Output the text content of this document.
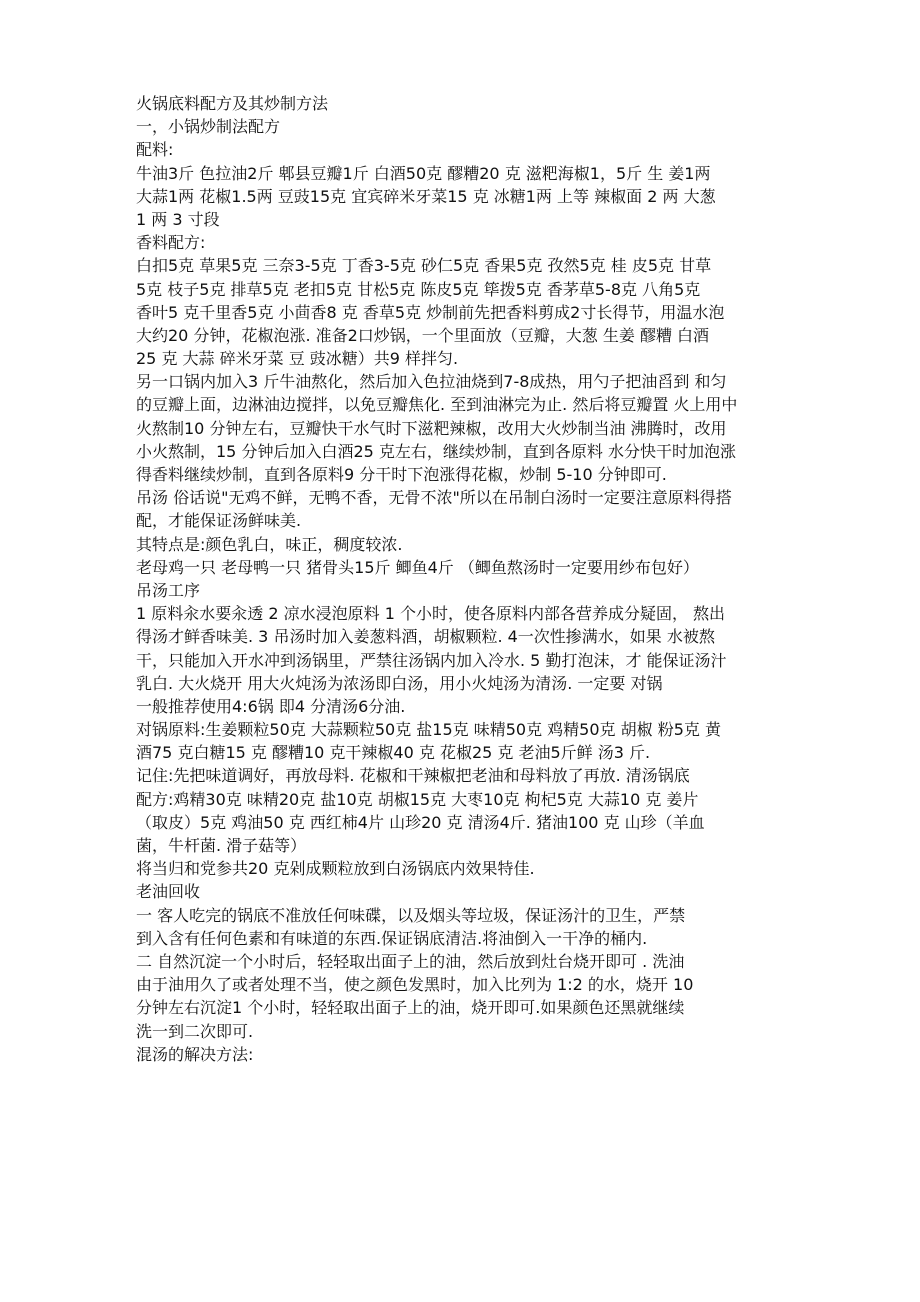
火锅底料配方及其炒制方法
一，小锅炒制法配方
配料:
牛油3斤 色拉油2斤 郫县豆瓣1斤 白酒50克 醪糟20 克 滋粑海椒1，5斤 生 姜1两
大蒜1两 花椒1.5两 豆豉15克 宜宾碎米牙菜15 克 冰糖1两 上等 辣椒面 2 两 大葱
1 两 3 寸段
香料配方:
白扣5克 草果5克 三奈3-5克 丁香3-5克 砂仁5克 香果5克 孜然5克 桂 皮5克 甘草
5克 枝子5克 排草5克 老扣5克 甘松5克 陈皮5克 筚拨5克 香茅草5-8克 八角5克
香叶5 克千里香5克 小茴香8 克 香草5克 炒制前先把香料剪成2寸长得节，用温水泡
大约20 分钟，花椒泡涨. 准备2口炒锅，一个里面放（豆瓣，大葱 生姜 醪糟 白酒
25 克 大蒜 碎米牙菜 豆 豉冰糖）共9 样拌匀.
另一口锅内加入3 斤牛油熬化，然后加入色拉油烧到7-8成热，用勺子把油舀到 和匀
的豆瓣上面，边淋油边搅拌，以免豆瓣焦化. 至到油淋完为止. 然后将豆瓣置 火上用中
火熬制10 分钟左右，豆瓣快干水气时下滋粑辣椒，改用大火炒制当油 沸腾时，改用
小火熬制，15 分钟后加入白酒25 克左右，继续炒制，直到各原料 水分快干时加泡涨
得香料继续炒制，直到各原料9 分干时下泡涨得花椒，炒制 5-10 分钟即可.
吊汤 俗话说"无鸡不鲜，无鸭不香，无骨不浓"所以在吊制白汤时一定要注意原料得搭
配，才能保证汤鲜味美.
其特点是:颜色乳白，味正，稠度较浓.
老母鸡一只 老母鸭一只 猪骨头15斤 鲫鱼4斤 （鲫鱼熬汤时一定要用纱布包好）
吊汤工序
1 原料汆水要汆透 2 凉水浸泡原料 1 个小时，使各原料内部各营养成分疑固， 熬出
得汤才鲜香味美. 3 吊汤时加入姜葱料酒，胡椒颗粒. 4一次性掺满水，如果 水被熬
干，只能加入开水冲到汤锅里，严禁往汤锅内加入冷水. 5 勤打泡沫，才 能保证汤汁
乳白. 大火烧开 用大火炖汤为浓汤即白汤，用小火炖汤为清汤. 一定要 对锅
一般推荐使用4:6锅 即4 分清汤6分油.
对锅原料:生姜颗粒50克 大蒜颗粒50克 盐15克 味精50克 鸡精50克 胡椒 粉5克 黄
酒75 克白糖15 克 醪糟10 克干辣椒40 克 花椒25 克 老油5斤鲜 汤3 斤.
记住:先把味道调好，再放母料. 花椒和干辣椒把老油和母料放了再放. 清汤锅底
配方:鸡精30克 味精20克 盐10克 胡椒15克 大枣10克 枸杞5克 大蒜10 克 姜片
（取皮）5克 鸡油50 克 西红柿4片 山珍20 克 清汤4斤. 猪油100 克 山珍（羊血
菌，牛杆菌. 滑子菇等）
将当归和党参共20 克剁成颗粒放到白汤锅底内效果特佳.
老油回收
一 客人吃完的锅底不准放任何味碟，以及烟头等垃圾，保证汤汁的卫生，严禁
到入含有任何色素和有味道的东西.保证锅底清洁.将油倒入一干净的桶内.
二 自然沉淀一个小时后，轻轻取出面子上的油，然后放到灶台烧开即可 . 洗油
由于油用久了或者处理不当，使之颜色发黑时，加入比列为 1:2 的水，烧开 10
分钟左右沉淀1 个小时，轻轻取出面子上的油，烧开即可.如果颜色还黑就继续
洗一到二次即可.
混汤的解决方法:
